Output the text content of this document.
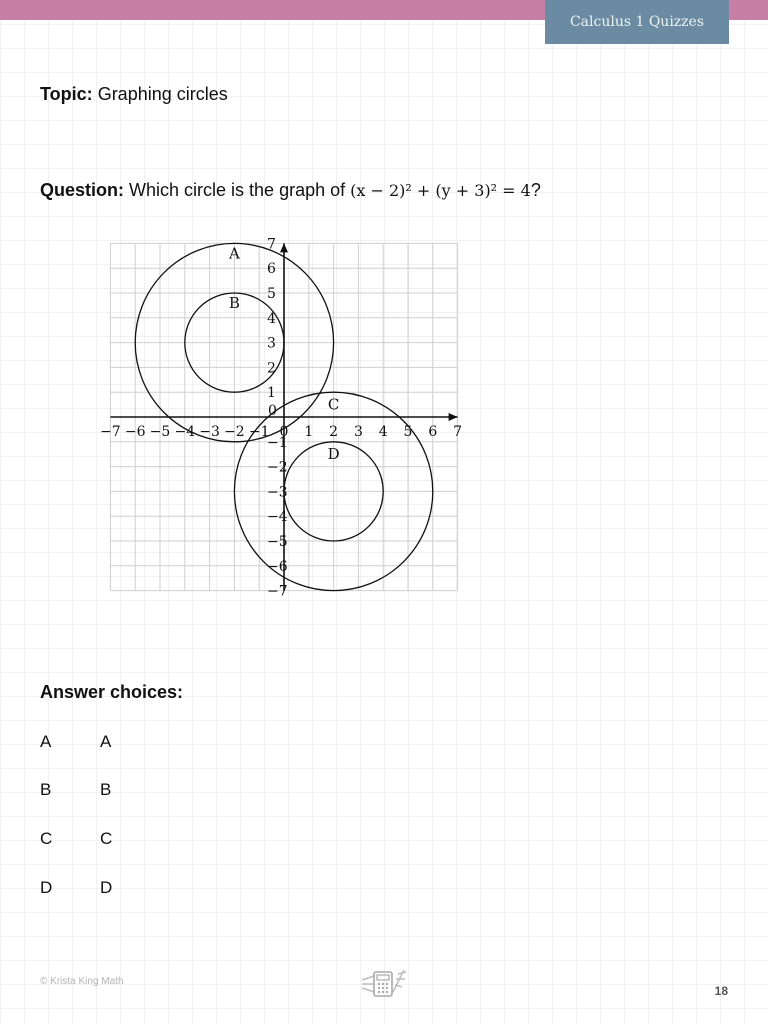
Calculus 1 Quizzes
Topic: Graphing circles
Question: Which circle is the graph of (x − 2)² + (y + 3)² = 4?
−7 −6 −5 −4 −3 −2 −1 0 1 2 3 4 5 6 7
−7
−6
−5
−4
−3
−2
−1
1
2
3
4
5
6
7
0
A
B
C
D
Answer choices:
A	A
B	B
C	C
D	D
© Krista King Math
18
